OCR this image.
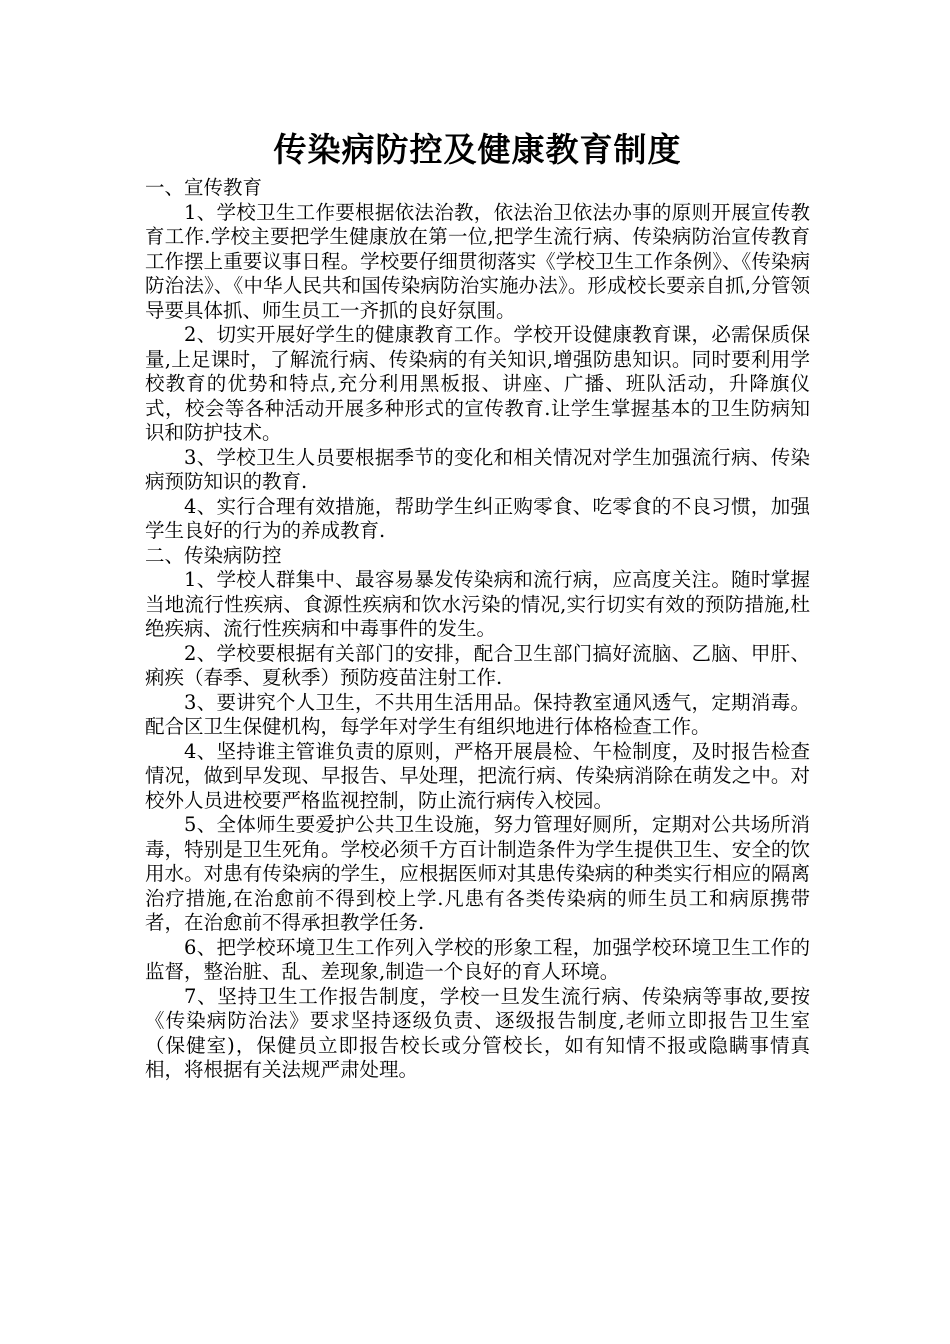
传染病防控及健康教育制度

一、宣传教育

1、学校卫生工作要根据依法治教，依法治卫依法办事的原则开展宣传教育工作.学校主要把学生健康放在第一位,把学生流行病、传染病防治宣传教育工作摆上重要议事日程。学校要仔细贯彻落实《学校卫生工作条例》、《传染病防治法》、《中华人民共和国传染病防治实施办法》。形成校长要亲自抓,分管领导要具体抓、师生员工一齐抓的良好氛围。

2、切实开展好学生的健康教育工作。学校开设健康教育课，必需保质保量,上足课时，了解流行病、传染病的有关知识,增强防患知识。同时要利用学校教育的优势和特点,充分利用黑板报、讲座、广播、班队活动，升降旗仪式，校会等各种活动开展多种形式的宣传教育.让学生掌握基本的卫生防病知识和防护技术。

3、学校卫生人员要根据季节的变化和相关情况对学生加强流行病、传染病预防知识的教育.

4、实行合理有效措施，帮助学生纠正购零食、吃零食的不良习惯，加强学生良好的行为的养成教育.

二、传染病防控

1、学校人群集中、最容易暴发传染病和流行病，应高度关注。随时掌握当地流行性疾病、食源性疾病和饮水污染的情况,实行切实有效的预防措施,杜绝疾病、流行性疾病和中毒事件的发生。

2、学校要根据有关部门的安排，配合卫生部门搞好流脑、乙脑、甲肝、痢疾（春季、夏秋季）预防疫苗注射工作.

3、要讲究个人卫生，不共用生活用品。保持教室通风透气，定期消毒。配合区卫生保健机构，每学年对学生有组织地进行体格检查工作。

4、坚持谁主管谁负责的原则，严格开展晨检、午检制度，及时报告检查情况，做到早发现、早报告、早处理，把流行病、传染病消除在萌发之中。对校外人员进校要严格监视控制，防止流行病传入校园。

5、全体师生要爱护公共卫生设施，努力管理好厕所，定期对公共场所消毒，特别是卫生死角。学校必须千方百计制造条件为学生提供卫生、安全的饮用水。对患有传染病的学生，应根据医师对其患传染病的种类实行相应的隔离治疗措施,在治愈前不得到校上学.凡患有各类传染病的师生员工和病原携带者，在治愈前不得承担教学任务.

6、把学校环境卫生工作列入学校的形象工程，加强学校环境卫生工作的监督，整治脏、乱、差现象,制造一个良好的育人环境。

7、坚持卫生工作报告制度，学校一旦发生流行病、传染病等事故,要按《传染病防治法》要求坚持逐级负责、逐级报告制度,老师立即报告卫生室（保健室)，保健员立即报告校长或分管校长，如有知情不报或隐瞒事情真相，将根据有关法规严肃处理。
